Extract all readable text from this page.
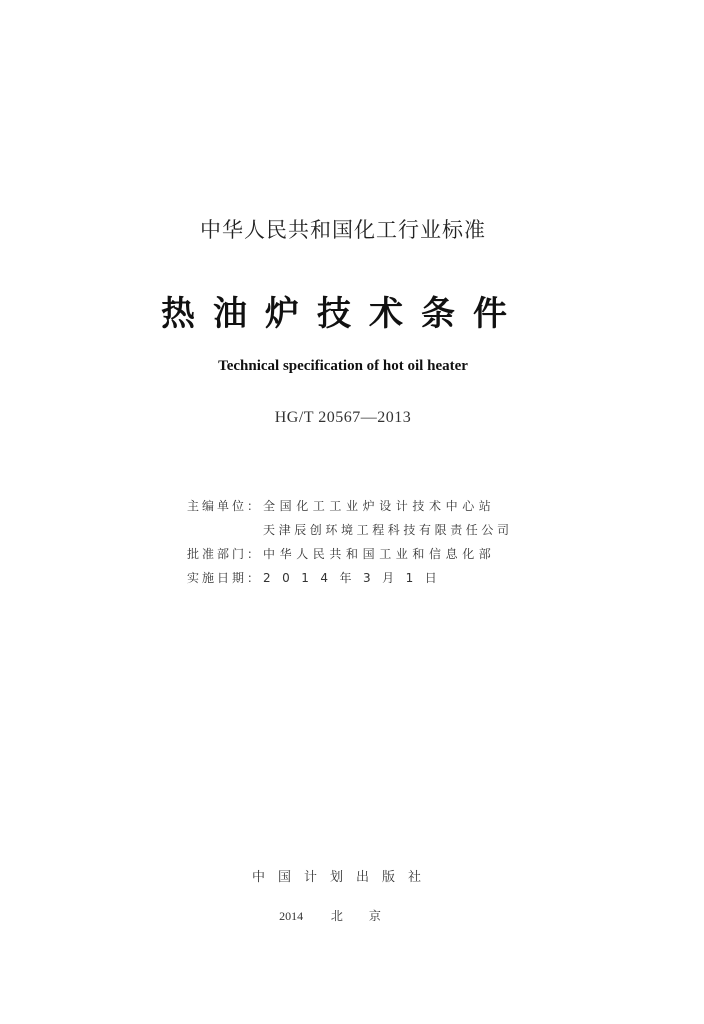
中华人民共和国化工行业标准
热油炉技术条件
Technical specification of hot oil heater
HG/T 20567—2013
主编单位： 全国化工工业炉设计技术中心站
天津辰创环境工程科技有限责任公司
批准部门： 中华人民共和国工业和信息化部
实施日期： 2014年3月1日
中国计划出版社
2014 北京
